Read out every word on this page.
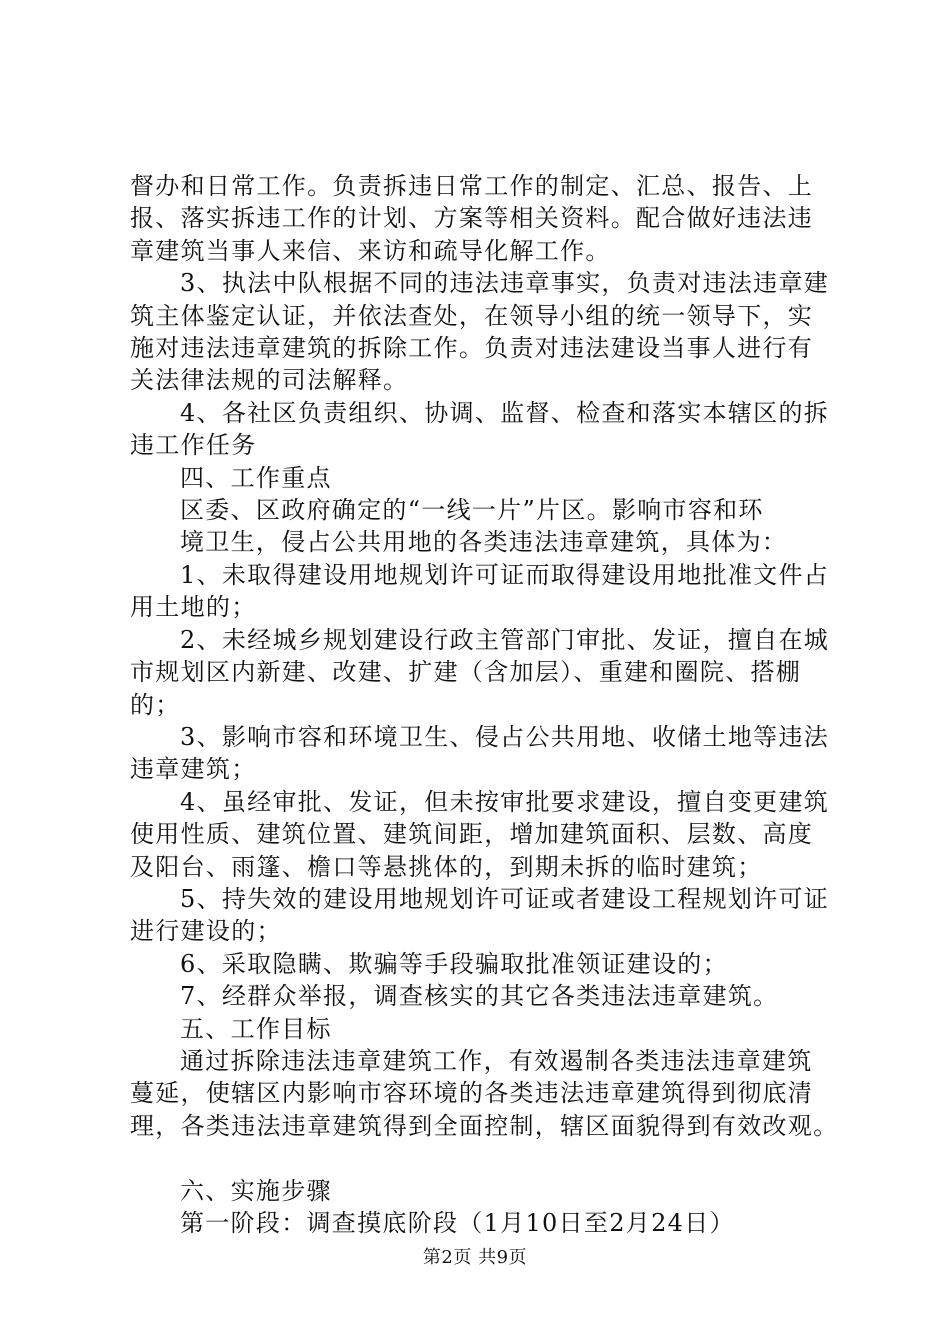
督办和日常工作。负责拆违日常工作的制定、汇总、报告、上

报、落实拆违工作的计划、方案等相关资料。配合做好违法违

章建筑当事人来信、来访和疏导化解工作。

3、执法中队根据不同的违法违章事实，负责对违法违章建

筑主体鉴定认证，并依法查处，在领导小组的统一领导下，实

施对违法违章建筑的拆除工作。负责对违法建设当事人进行有

关法律法规的司法解释。

4、各社区负责组织、协调、监督、检查和落实本辖区的拆

违工作任务

四、工作重点

区委、区政府确定的“一线一片”片区。影响市容和环

境卫生，侵占公共用地的各类违法违章建筑，具体为：

1、未取得建设用地规划许可证而取得建设用地批准文件占

用土地的；

2、未经城乡规划建设行政主管部门审批、发证，擅自在城

市规划区内新建、改建、扩建（含加层）、重建和圈院、搭棚

的；

3、影响市容和环境卫生、侵占公共用地、收储土地等违法

违章建筑；

4、虽经审批、发证，但未按审批要求建设，擅自变更建筑

使用性质、建筑位置、建筑间距，增加建筑面积、层数、高度

及阳台、雨篷、檐口等悬挑体的，到期未拆的临时建筑；

5、持失效的建设用地规划许可证或者建设工程规划许可证

进行建设的；

6、采取隐瞒、欺骗等手段骗取批准领证建设的；

7、经群众举报，调查核实的其它各类违法违章建筑。

五、工作目标

通过拆除违法违章建筑工作，有效遏制各类违法违章建筑

蔓延，使辖区内影响市容环境的各类违法违章建筑得到彻底清

理，各类违法违章建筑得到全面控制，辖区面貌得到有效改观。

六、实施步骤

第一阶段：调查摸底阶段（1月10日至2月24日）

第2页 共9页
